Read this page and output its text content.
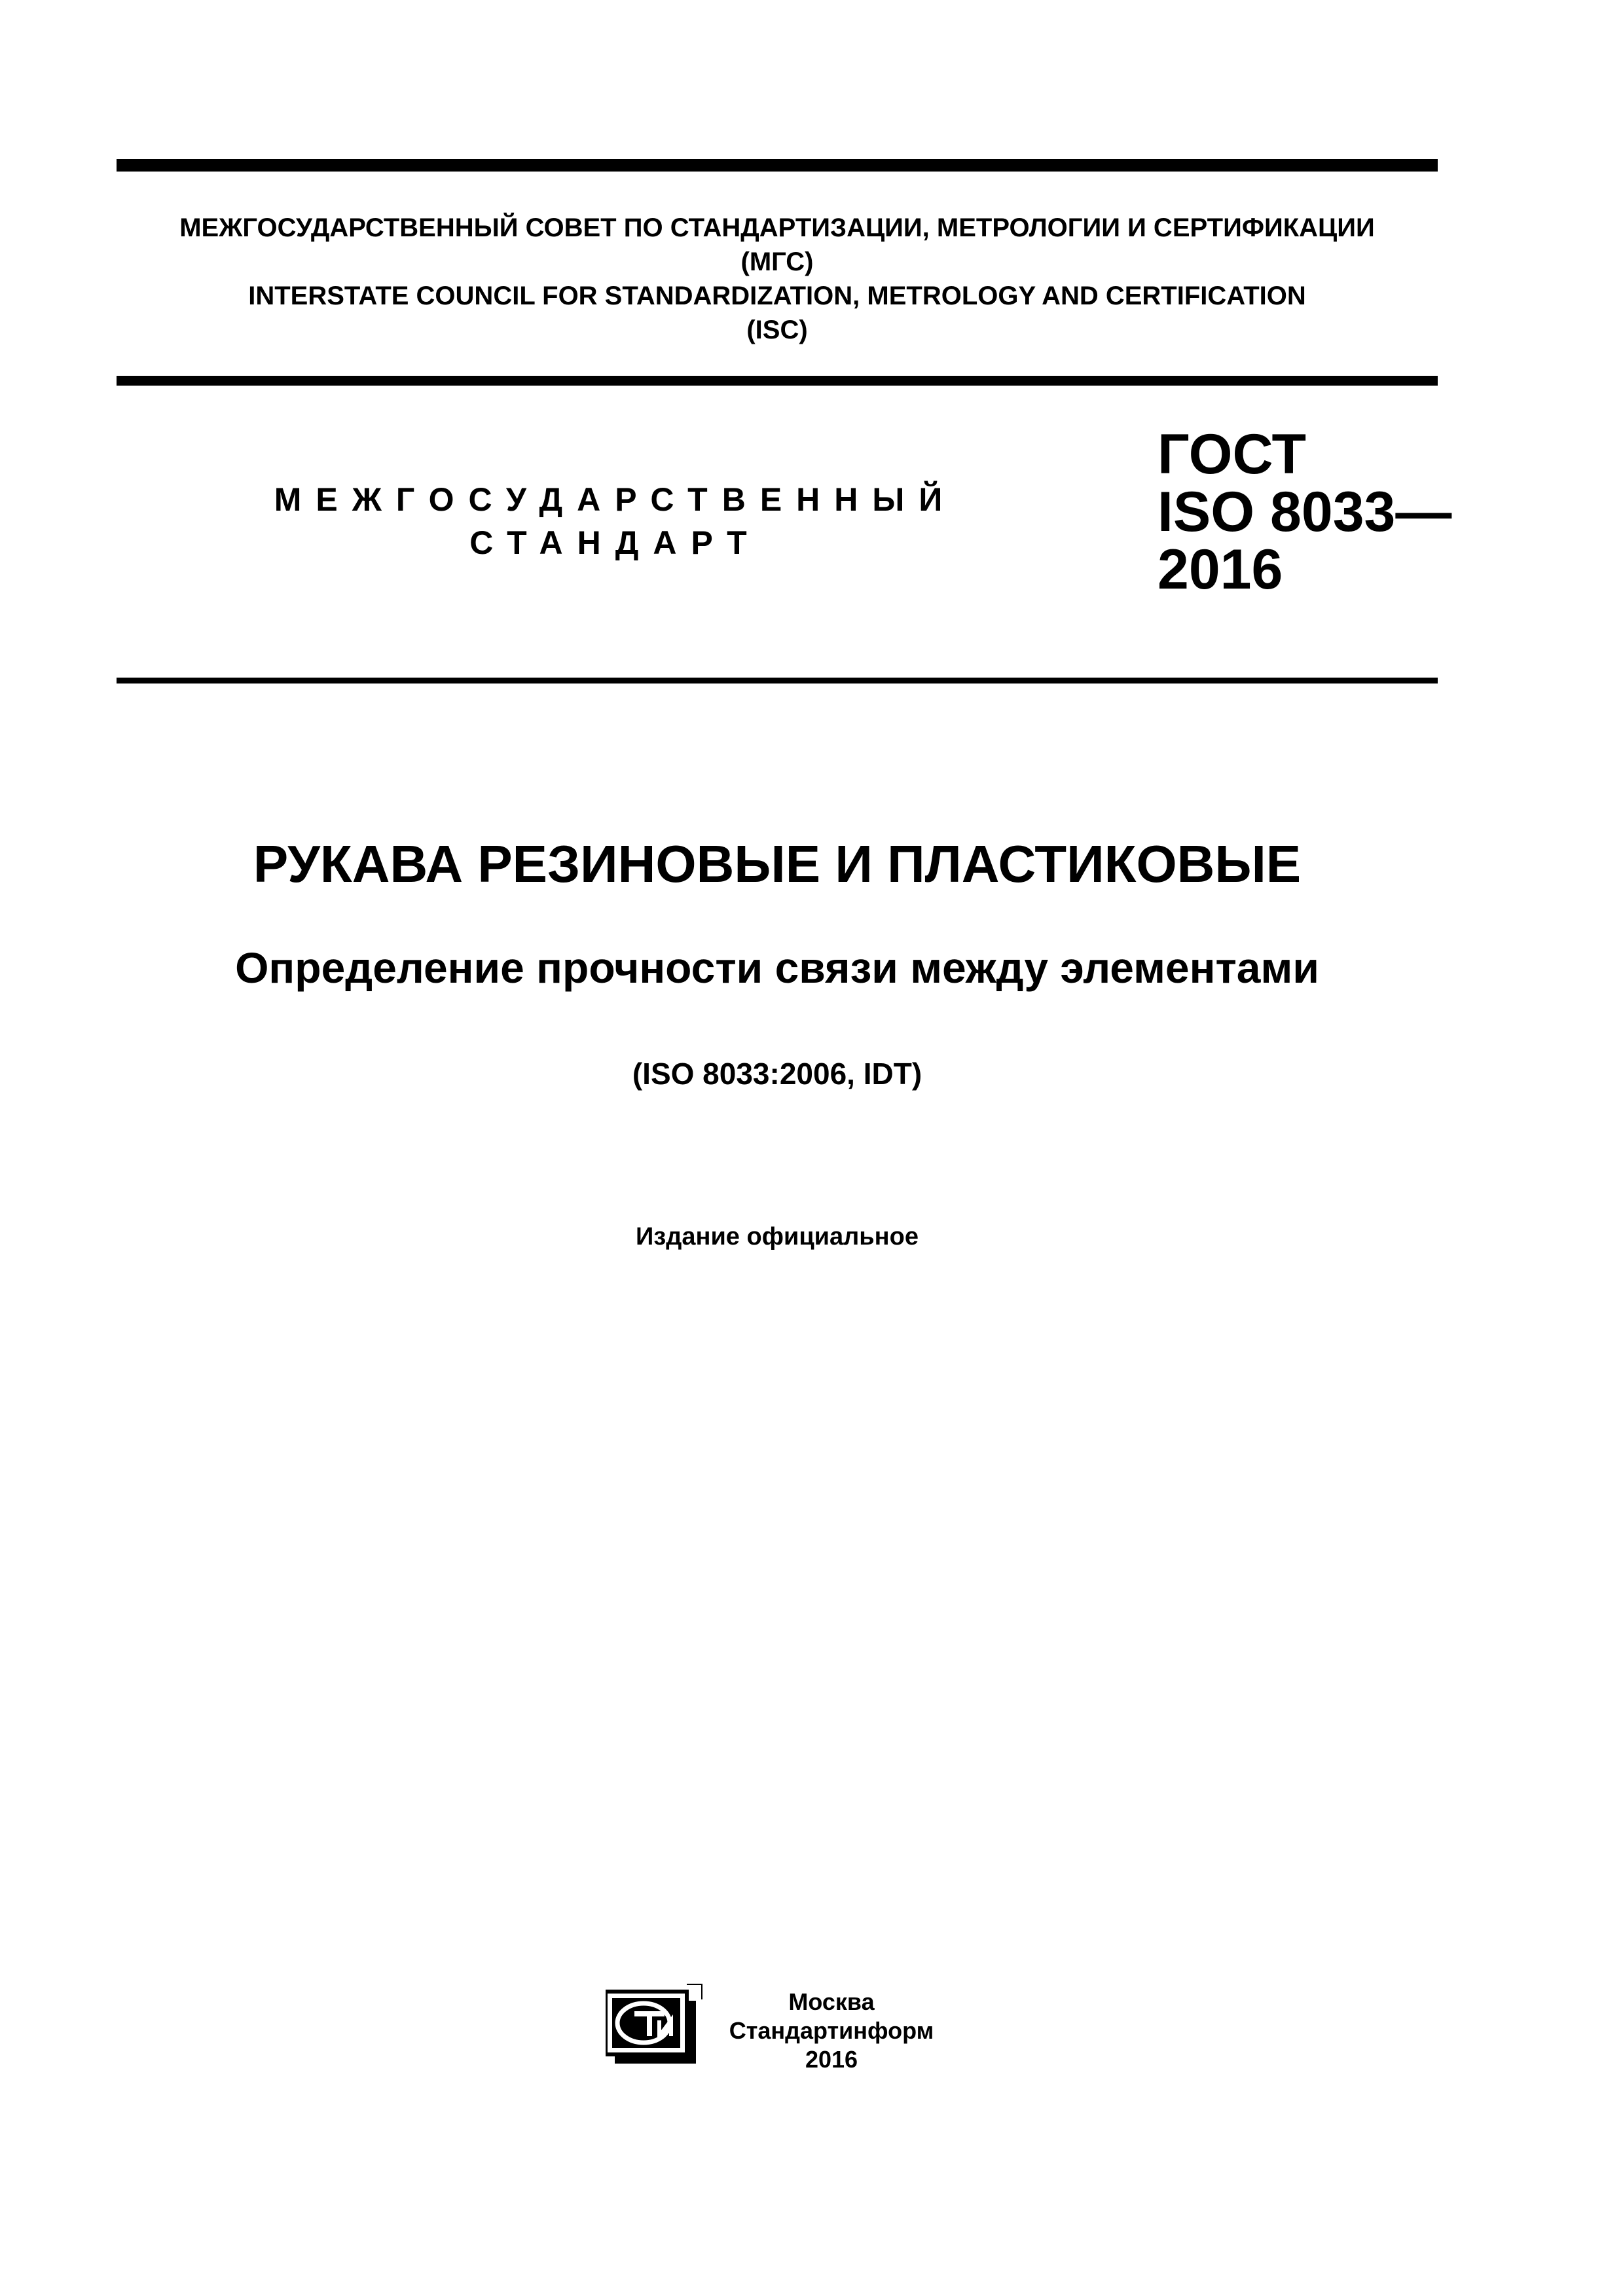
МЕЖГОСУДАРСТВЕННЫЙ СОВЕТ ПО СТАНДАРТИЗАЦИИ, МЕТРОЛОГИИ И СЕРТИФИКАЦИИ
(МГС)
INTERSTATE COUNCIL FOR STANDARDIZATION, METROLOGY AND CERTIFICATION
(ISC)
МЕЖГОСУДАРСТВЕННЫЙ
СТАНДАРТ
ГОСТ
ISO 8033—
2016
РУКАВА РЕЗИНОВЫЕ И ПЛАСТИКОВЫЕ
Определение прочности связи между элементами
(ISO 8033:2006, IDT)
Издание официальное
Москва
Стандартинформ
2016
